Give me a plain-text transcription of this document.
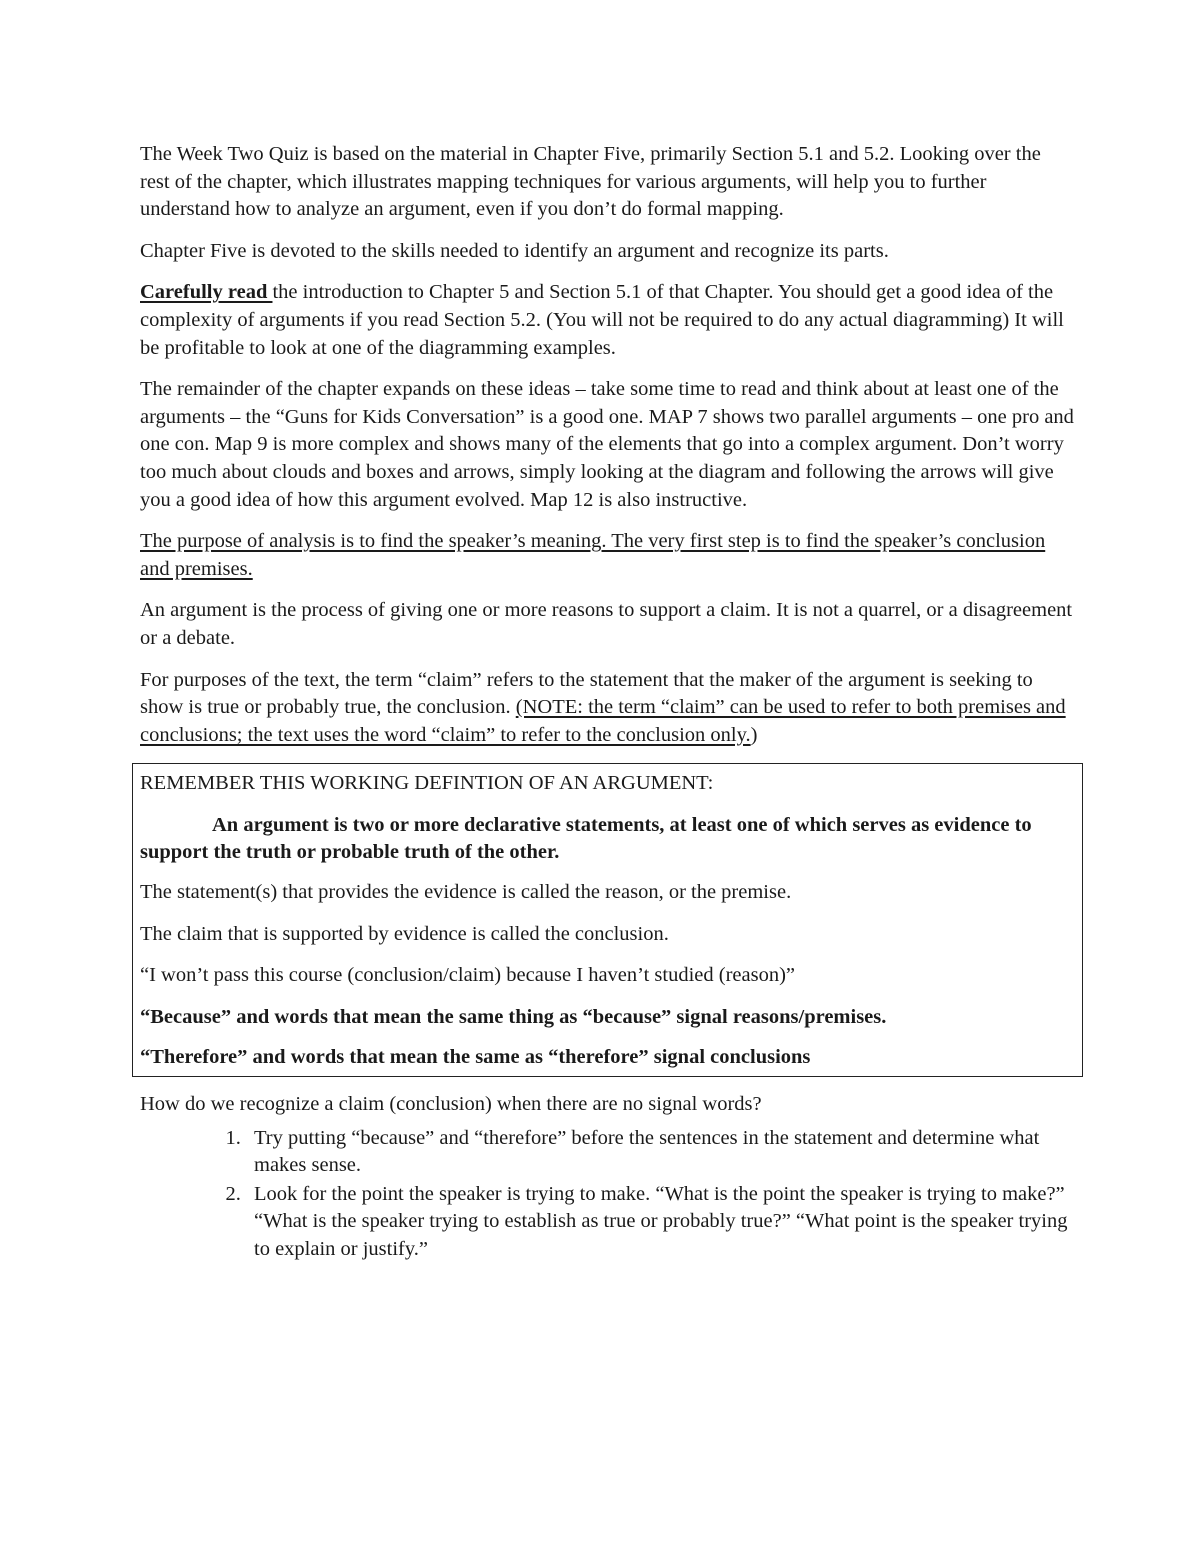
The Week Two Quiz is based on the material in Chapter Five, primarily Section 5.1 and 5.2. Looking over the rest of the chapter, which illustrates mapping techniques for various arguments, will help you to further understand how to analyze an argument, even if you don’t do formal mapping.

Chapter Five is devoted to the skills needed to identify an argument and recognize its parts.

Carefully read the introduction to Chapter 5 and Section 5.1 of that Chapter. You should get a good idea of the complexity of arguments if you read Section 5.2. (You will not be required to do any actual diagramming) It will be profitable to look at one of the diagramming examples.

The remainder of the chapter expands on these ideas – take some time to read and think about at least one of the arguments – the “Guns for Kids Conversation” is a good one. MAP 7 shows two parallel arguments – one pro and one con. Map 9 is more complex and shows many of the elements that go into a complex argument. Don’t worry too much about clouds and boxes and arrows, simply looking at the diagram and following the arrows will give you a good idea of how this argument evolved. Map 12 is also instructive.

The purpose of analysis is to find the speaker’s meaning. The very first step is to find the speaker’s conclusion and premises.

An argument is the process of giving one or more reasons to support a claim. It is not a quarrel, or a disagreement or a debate.

For purposes of the text, the term “claim” refers to the statement that the maker of the argument is seeking to show is true or probably true, the conclusion. (NOTE: the term “claim” can be used to refer to both premises and conclusions; the text uses the word “claim” to refer to the conclusion only.)

REMEMBER THIS WORKING DEFINTION OF AN ARGUMENT:

An argument is two or more declarative statements, at least one of which serves as evidence to support the truth or probable truth of the other.

The statement(s) that provides the evidence is called the reason, or the premise.

The claim that is supported by evidence is called the conclusion.

“I won’t pass this course (conclusion/claim) because I haven’t studied (reason)”

“Because” and words that mean the same thing as “because” signal reasons/premises.

“Therefore” and words that mean the same as “therefore” signal conclusions

How do we recognize a claim (conclusion) when there are no signal words?

1. Try putting “because” and “therefore” before the sentences in the statement and determine what makes sense.
2. Look for the point the speaker is trying to make. “What is the point the speaker is trying to make?” “What is the speaker trying to establish as true or probably true?” “What point is the speaker trying to explain or justify.”
